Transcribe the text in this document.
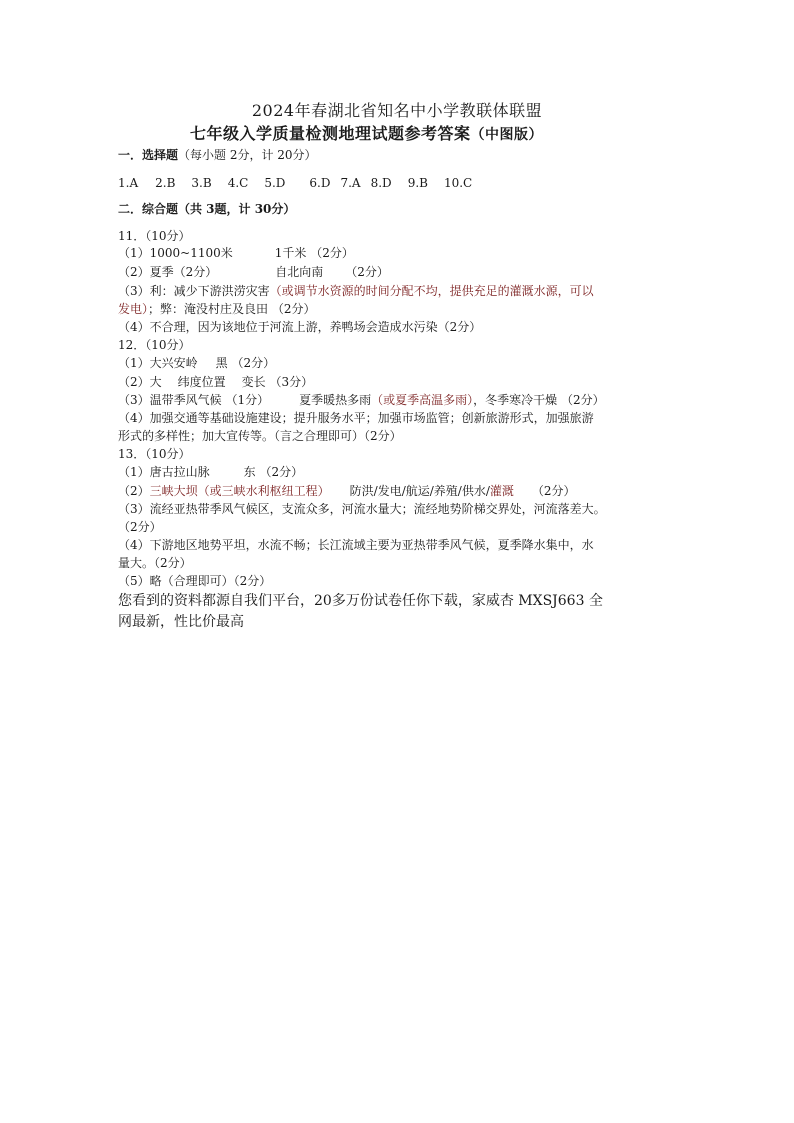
2024年春湖北省知名中小学教联体联盟
七年级入学质量检测地理试题参考答案（中图版）
一．选择题（每小题 2分，计 20分）
1.A 2.B 3.B 4.C 5.D 6.D 7.A 8.D 9.B 10.C
二．综合题（共 3题，计 30分）
11．（10分）
（1）1000~1100米	1千米 （2分）
（2）夏季（2分）	自北向南 （2分）
（3）利：减少下游洪涝灾害（或调节水资源的时间分配不均，提供充足的灌溉水源，可以
发电）；弊：淹没村庄及良田 （2分）
（4）不合理，因为该地位于河流上游，养鸭场会造成水污染（2分）
12．（10分）
（1）大兴安岭 黑 （2分）
（2）大 纬度位置 变长 （3分）
（3）温带季风气候 （1分）	夏季暖热多雨（或夏季高温多雨），冬季寒冷干燥 （2分）
（4）加强交通等基础设施建设；提升服务水平；加强市场监管；创新旅游形式，加强旅游
形式的多样性；加大宣传等。（言之合理即可）（2分）
13．（10分）
（1）唐古拉山脉	东 （2分）
（2）三峡大坝（或三峡水利枢纽工程） 防洪/发电/航运/养殖/供水/灌溉 （2分）
（3）流经亚热带季风气候区，支流众多，河流水量大；流经地势阶梯交界处，河流落差大。
（2分）
（4）下游地区地势平坦，水流不畅；长江流域主要为亚热带季风气候，夏季降水集中，水
量大。（2分）
（5）略（合理即可）（2分）
您看到的资料都源自我们平台，20多万份试卷任你下载，家威杏 MXSJ663 全
网最新，性比价最高
